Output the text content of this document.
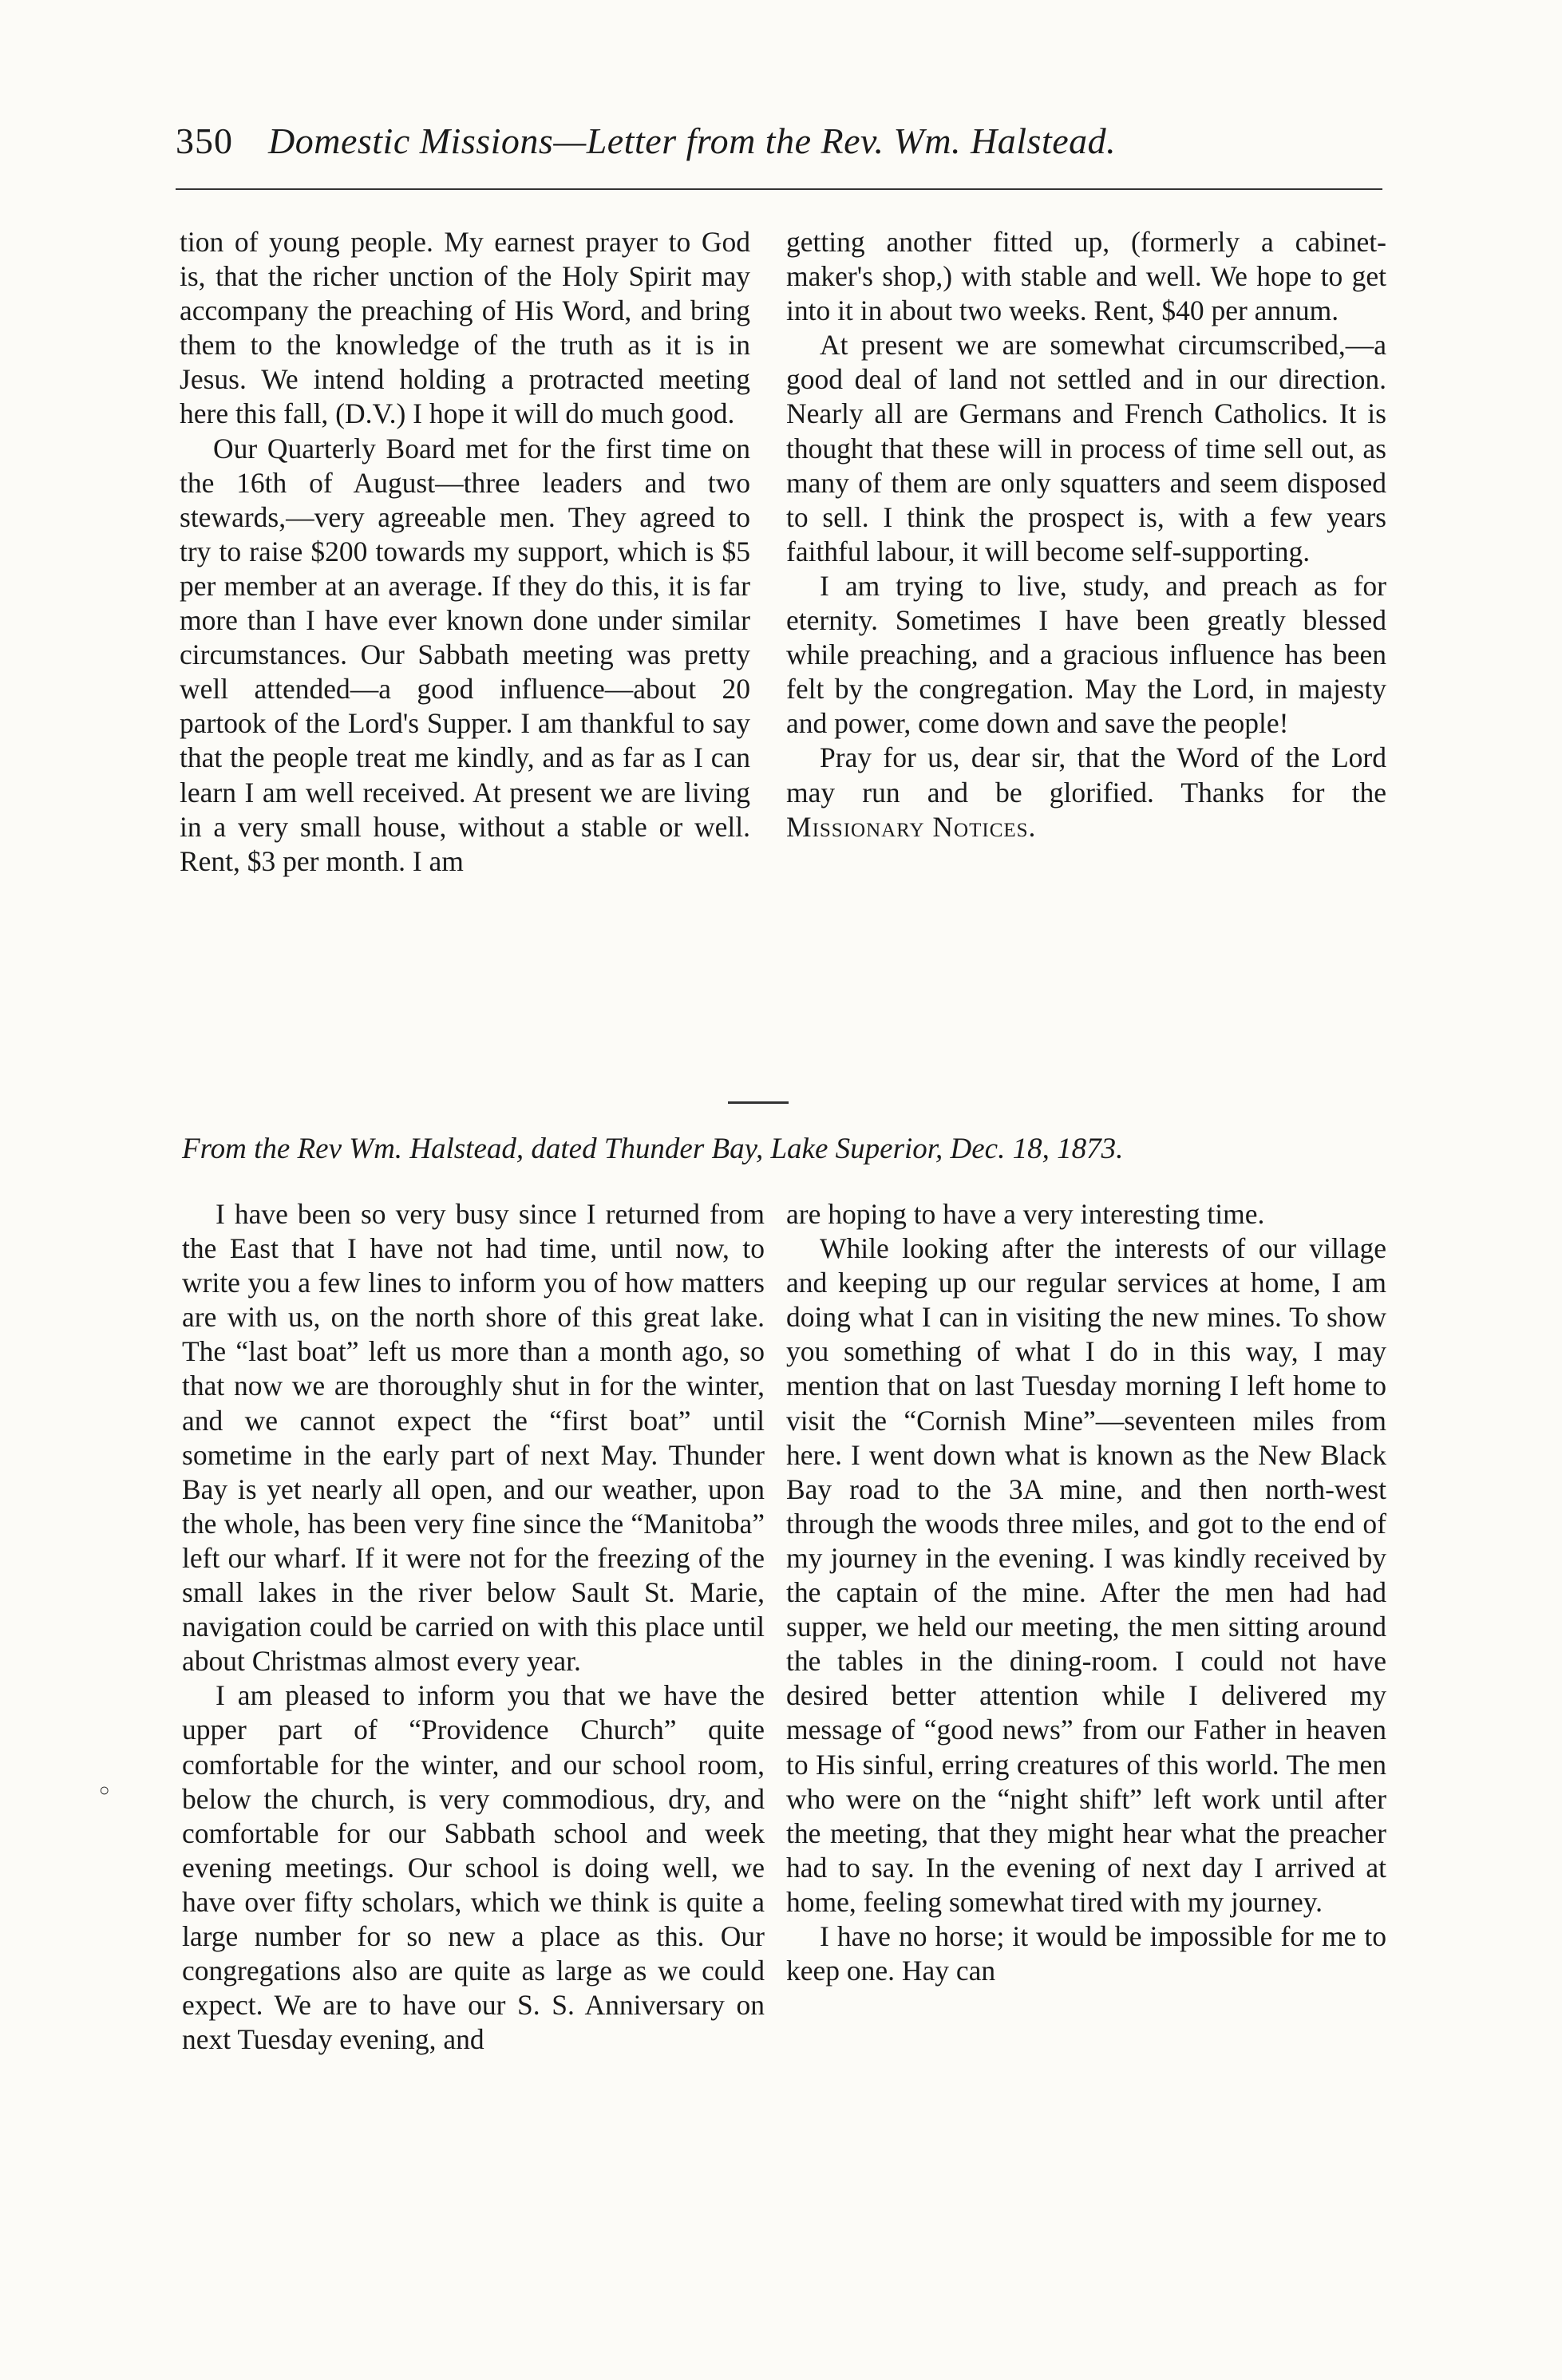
350 Domestic Missions—Letter from the Rev. Wm. Halstead.

tion of young people. My earnest prayer to God is, that the richer unction of the Holy Spirit may accompany the preaching of His Word, and bring them to the knowledge of the truth as it is in Jesus. We intend holding a protracted meeting here this fall, (D.V.) I hope it will do much good.

Our Quarterly Board met for the first time on the 16th of August—three leaders and two stewards,—very agreeable men. They agreed to try to raise $200 towards my support, which is $5 per member at an average. If they do this, it is far more than I have ever known done under similar circumstances. Our Sabbath meeting was pretty well attended—a good influence—about 20 partook of the Lord's Supper. I am thankful to say that the people treat me kindly, and as far as I can learn I am well received. At present we are living in a very small house, without a stable or well. Rent, $3 per month. I am

getting another fitted up, (formerly a cabinet-maker's shop,) with stable and well. We hope to get into it in about two weeks. Rent, $40 per annum.

At present we are somewhat circumscribed,—a good deal of land not settled and in our direction. Nearly all are Germans and French Catholics. It is thought that these will in process of time sell out, as many of them are only squatters and seem disposed to sell. I think the prospect is, with a few years faithful labour, it will become self-supporting.

I am trying to live, study, and preach as for eternity. Sometimes I have been greatly blessed while preaching, and a gracious influence has been felt by the congregation. May the Lord, in majesty and power, come down and save the people!

Pray for us, dear sir, that the Word of the Lord may run and be glorified. Thanks for the Missionary Notices.

From the Rev Wm. Halstead, dated Thunder Bay, Lake Superior, Dec. 18, 1873.

I have been so very busy since I returned from the East that I have not had time, until now, to write you a few lines to inform you of how matters are with us, on the north shore of this great lake. The “last boat” left us more than a month ago, so that now we are thoroughly shut in for the winter, and we cannot expect the “first boat” until sometime in the early part of next May. Thunder Bay is yet nearly all open, and our weather, upon the whole, has been very fine since the “Manitoba” left our wharf. If it were not for the freezing of the small lakes in the river below Sault St. Marie, navigation could be carried on with this place until about Christmas almost every year.

I am pleased to inform you that we have the upper part of “Providence Church” quite comfortable for the winter, and our school room, below the church, is very commodious, dry, and comfortable for our Sabbath school and week evening meetings. Our school is doing well, we have over fifty scholars, which we think is quite a large number for so new a place as this. Our congregations also are quite as large as we could expect. We are to have our S. S. Anniversary on next Tuesday evening, and

are hoping to have a very interesting time.

While looking after the interests of our village and keeping up our regular services at home, I am doing what I can in visiting the new mines. To show you something of what I do in this way, I may mention that on last Tuesday morning I left home to visit the “Cornish Mine”—seventeen miles from here. I went down what is known as the New Black Bay road to the 3A mine, and then north-west through the woods three miles, and got to the end of my journey in the evening. I was kindly received by the captain of the mine. After the men had had supper, we held our meeting, the men sitting around the tables in the dining-room. I could not have desired better attention while I delivered my message of “good news” from our Father in heaven to His sinful, erring creatures of this world. The men who were on the “night shift” left work until after the meeting, that they might hear what the preacher had to say. In the evening of next day I arrived at home, feeling somewhat tired with my journey.

I have no horse; it would be impossible for me to keep one. Hay can

○
